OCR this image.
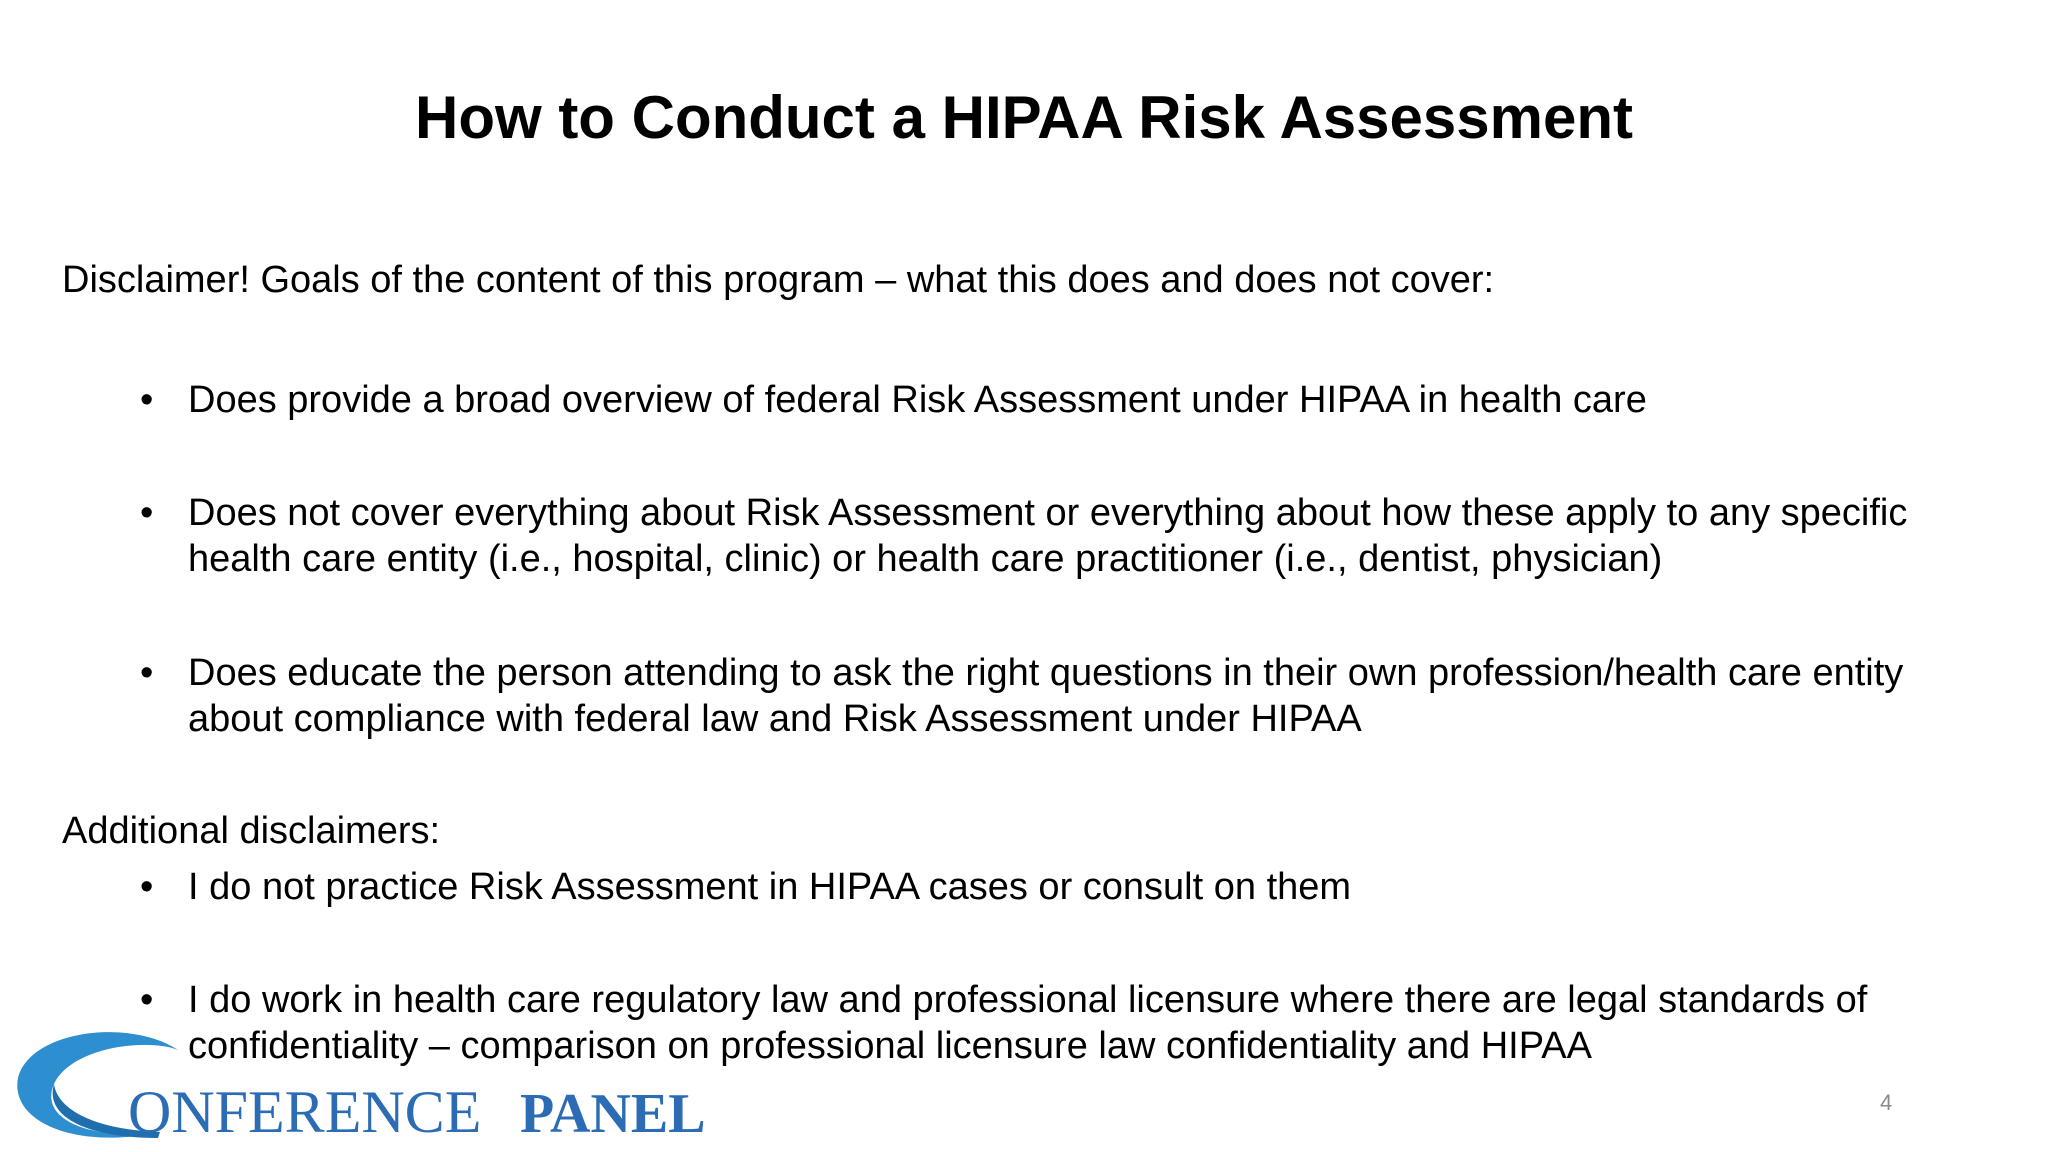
How to Conduct a HIPAA Risk Assessment
Disclaimer! Goals of the content of this program – what this does and does not cover:
• Does provide a broad overview of federal Risk Assessment under HIPAA in health care
• Does not cover everything about Risk Assessment or everything about how these apply to any specific health care entity (i.e., hospital, clinic) or health care practitioner (i.e., dentist, physician)
• Does educate the person attending to ask the right questions in their own profession/health care entity about compliance with federal law and Risk Assessment under HIPAA
Additional disclaimers:
• I do not practice Risk Assessment in HIPAA cases or consult on them
• I do work in health care regulatory law and professional licensure where there are legal standards of confidentiality – comparison on professional licensure law confidentiality and HIPAA
4
ONFERENCE PANEL
